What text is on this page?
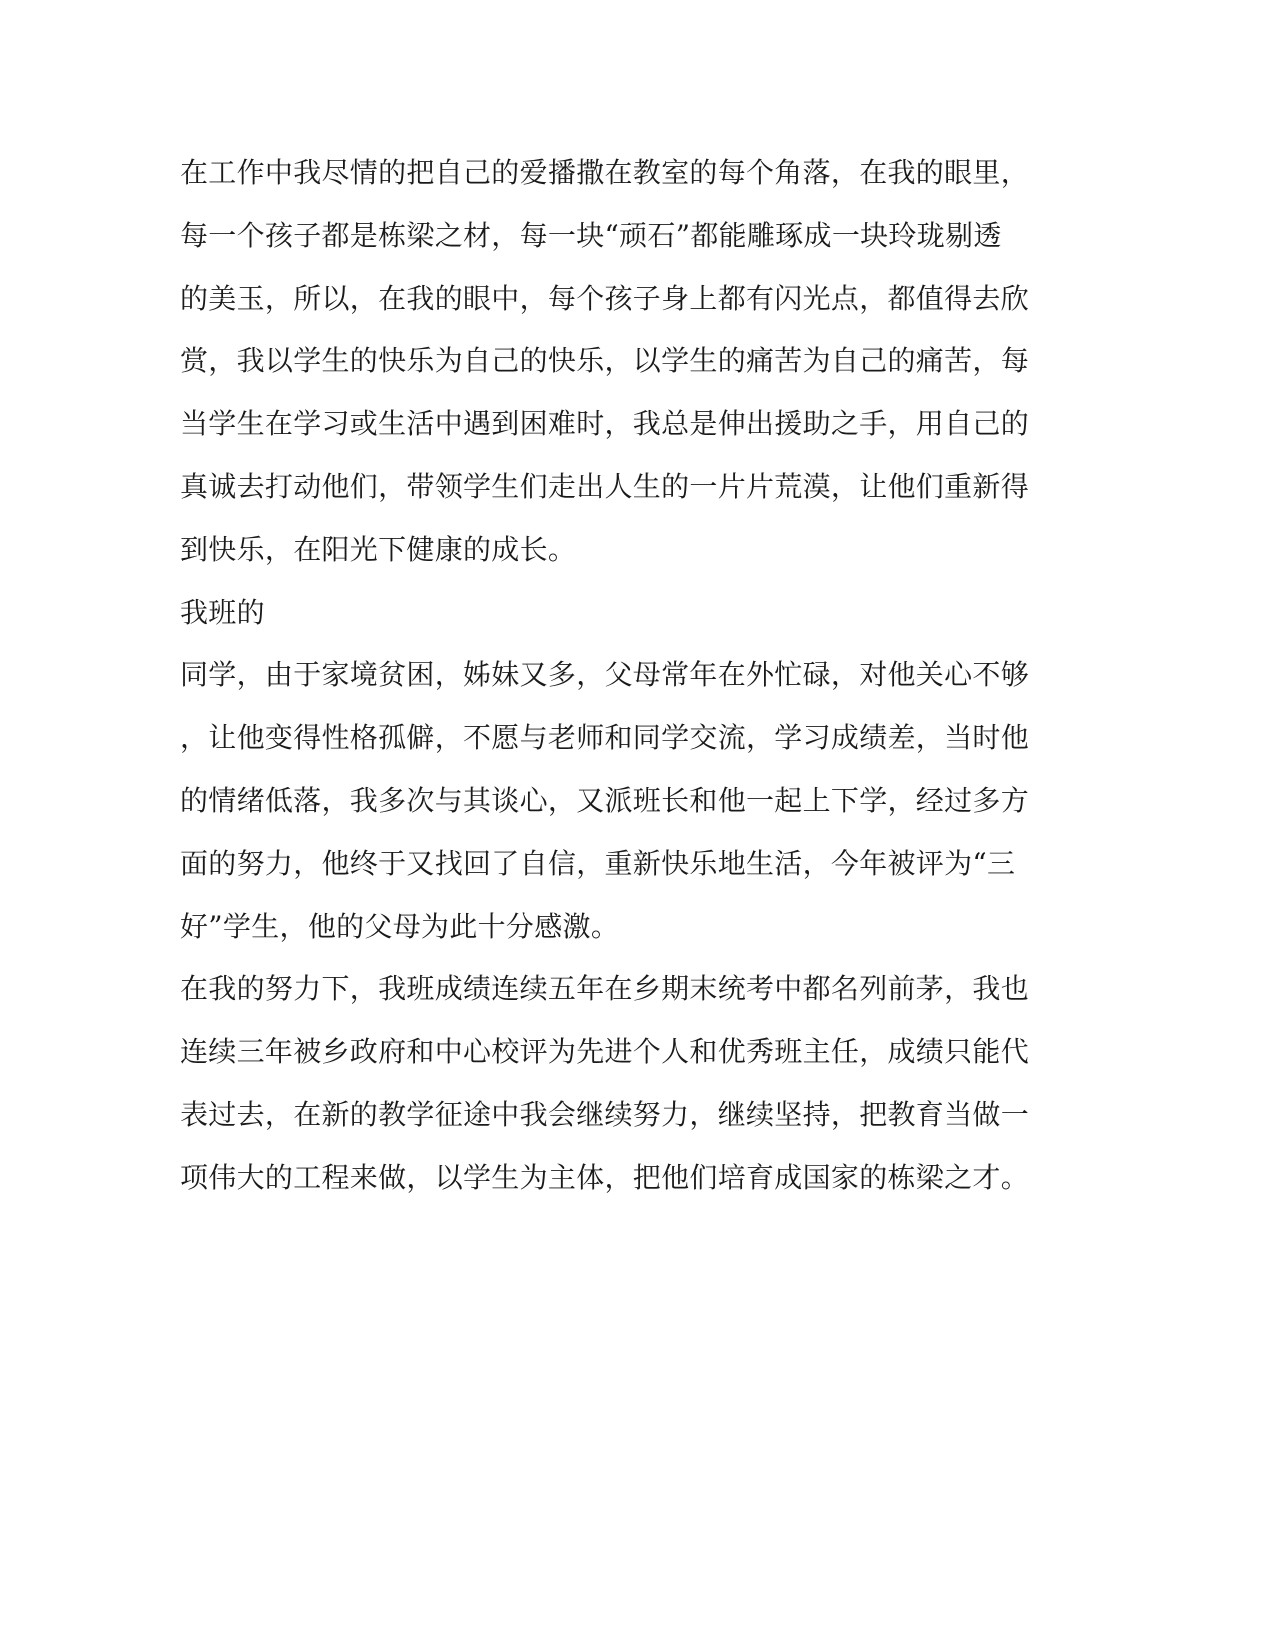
在工作中我尽情的把自己的爱播撒在教室的每个角落，在我的眼里，
每一个孩子都是栋梁之材，每一块“顽石”都能雕琢成一块玲珑剔透
的美玉，所以，在我的眼中，每个孩子身上都有闪光点，都值得去欣
赏，我以学生的快乐为自己的快乐，以学生的痛苦为自己的痛苦，每
当学生在学习或生活中遇到困难时，我总是伸出援助之手，用自己的
真诚去打动他们，带领学生们走出人生的一片片荒漠，让他们重新得
到快乐，在阳光下健康的成长。
我班的
同学，由于家境贫困，姊妹又多，父母常年在外忙碌，对他关心不够
，让他变得性格孤僻，不愿与老师和同学交流，学习成绩差，当时他
的情绪低落，我多次与其谈心，又派班长和他一起上下学，经过多方
面的努力，他终于又找回了自信，重新快乐地生活，今年被评为“三
好”学生，他的父母为此十分感激。
在我的努力下，我班成绩连续五年在乡期末统考中都名列前茅，我也
连续三年被乡政府和中心校评为先进个人和优秀班主任，成绩只能代
表过去，在新的教学征途中我会继续努力，继续坚持，把教育当做一
项伟大的工程来做，以学生为主体，把他们培育成国家的栋梁之才。
